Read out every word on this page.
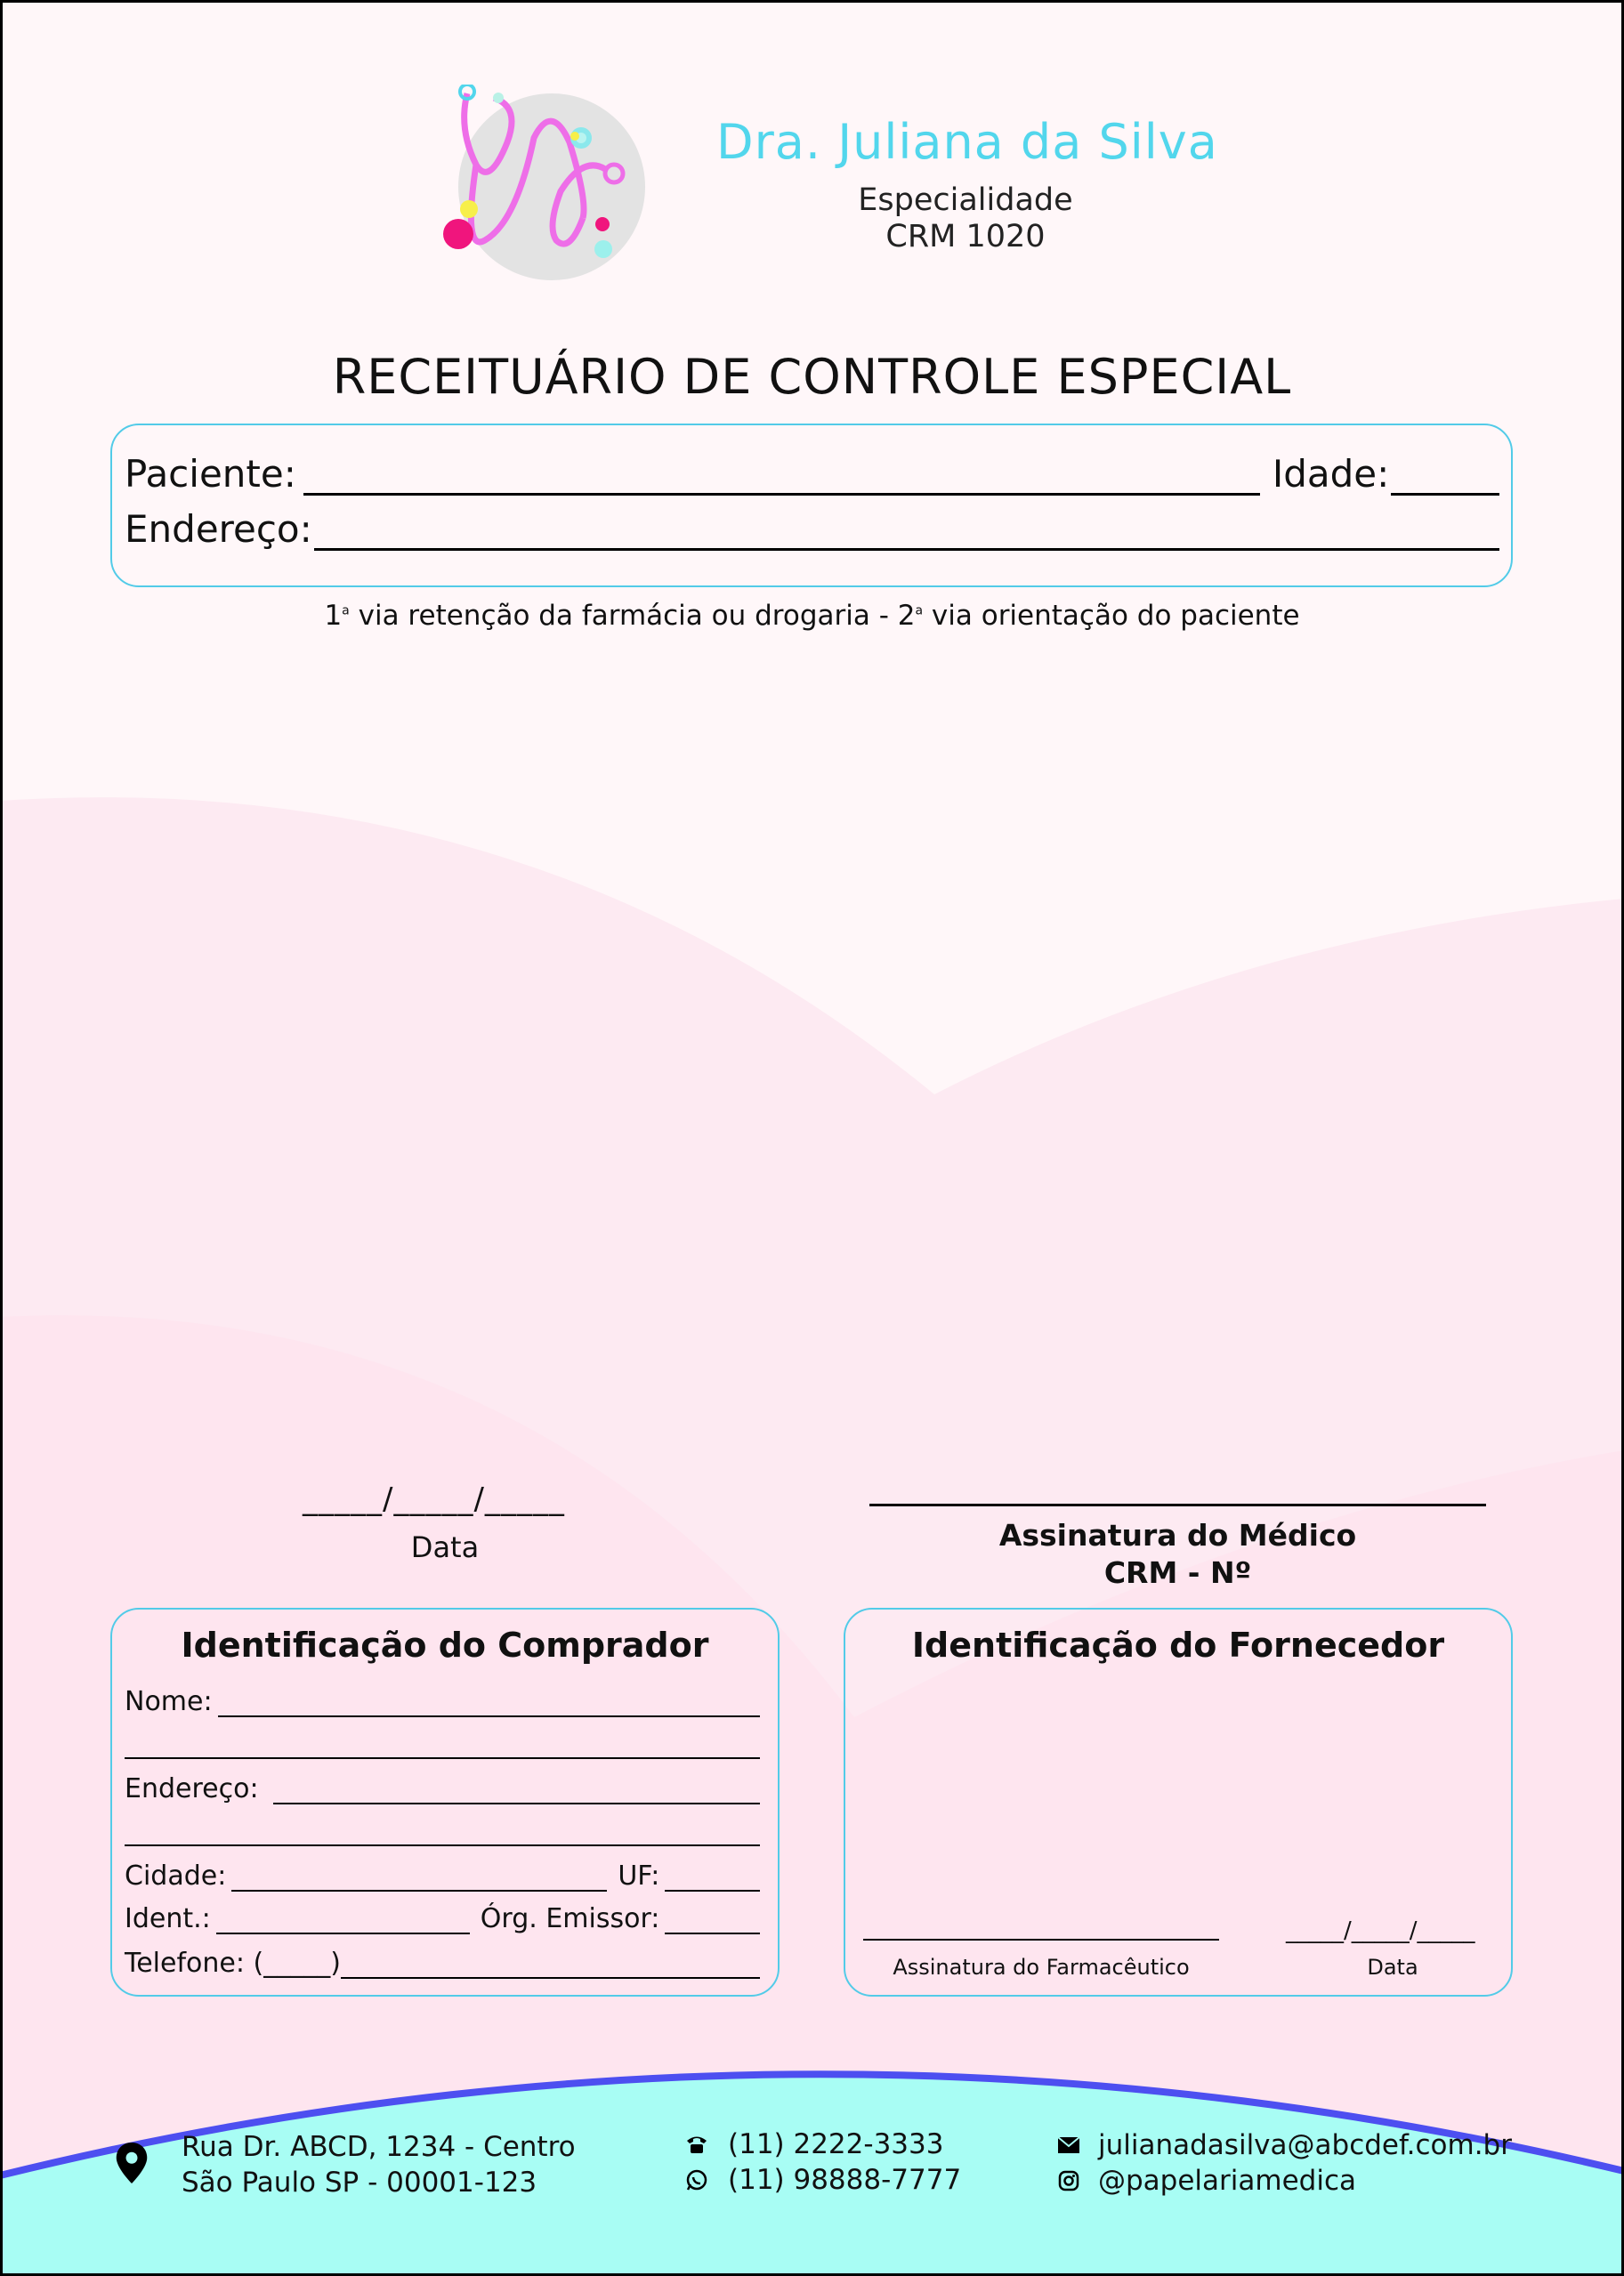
Dra. Juliana da Silva
Especialidade
CRM 1020
RECEITUÁRIO DE CONTROLE ESPECIAL
Paciente:	Idade:
Endereço:
1$^a$ via retenção da farmácia ou drogaria - 2$^a$ via orientação do paciente
_____/_____/_____
Data	Assinatura do Médico
CRM - Nº
Identificação do Comprador
Nome:
Endereço:
Cidade:	UF:
Ident.:	Órg. Emissor:
Telefone: (_____)
Identificação do Fornecedor
Assinatura do Farmacêutico
_____/_____/_____
Data
Rua Dr. ABCD, 1234 - Centro
São Paulo SP - 00001-123
(11) 2222-3333
(11) 98888-7777
julianadasilva@abcdef.com.br
@papelariamedica
